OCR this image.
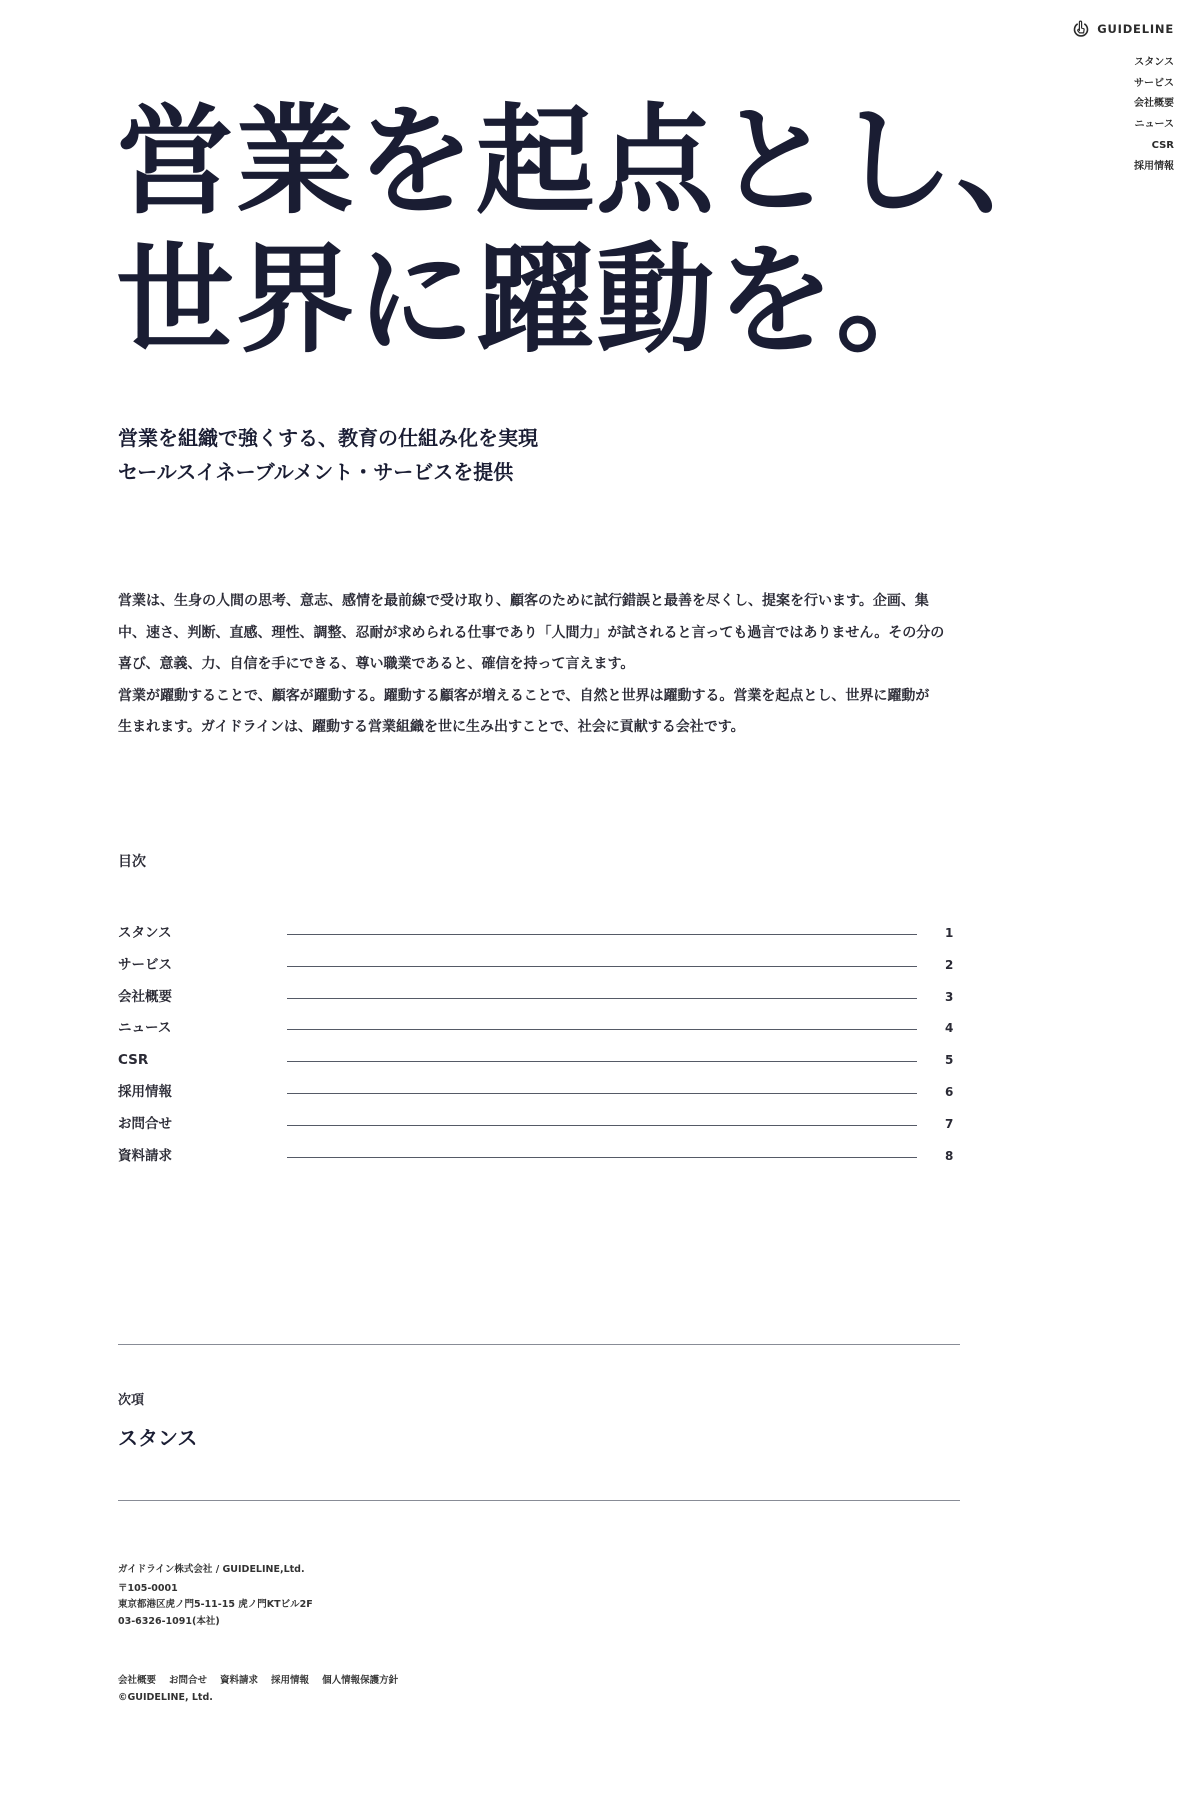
GUIDELINE
スタンス
サービス
会社概要
ニュース
CSR
採用情報
営業を起点とし、
世界に躍動を。
営業を組織で強くする、教育の仕組み化を実現
セールスイネーブルメント・サービスを提供

営業は、生身の人間の思考、意志、感情を最前線で受け取り、顧客のために試行錯誤と最善を尽くし、提案を行います。企画、集

中、速さ、判断、直感、理性、調整、忍耐が求められる仕事であり「人間力」が試されると言っても過言ではありません。その分の

喜び、意義、力、自信を手にできる、尊い職業であると、確信を持って言えます。

営業が躍動することで、顧客が躍動する。躍動する顧客が増えることで、自然と世界は躍動する。営業を起点とし、世界に躍動が

生まれます。ガイドラインは、躍動する営業組織を世に生み出すことで、社会に貢献する会社です。

目次
スタンス	1
サービス	2
会社概要	3
ニュース	4
CSR	5
採用情報	6
お問合せ	7
資料請求	8
次項
スタンス
ガイドライン株式会社 / GUIDELINE,Ltd.
〒105-0001
東京都港区虎ノ門5-11-15 虎ノ門KTビル2F
03-6326-1091(本社)
会社概要 お問合せ 資料請求 採用情報 個人情報保護方針
©GUIDELINE, Ltd.
